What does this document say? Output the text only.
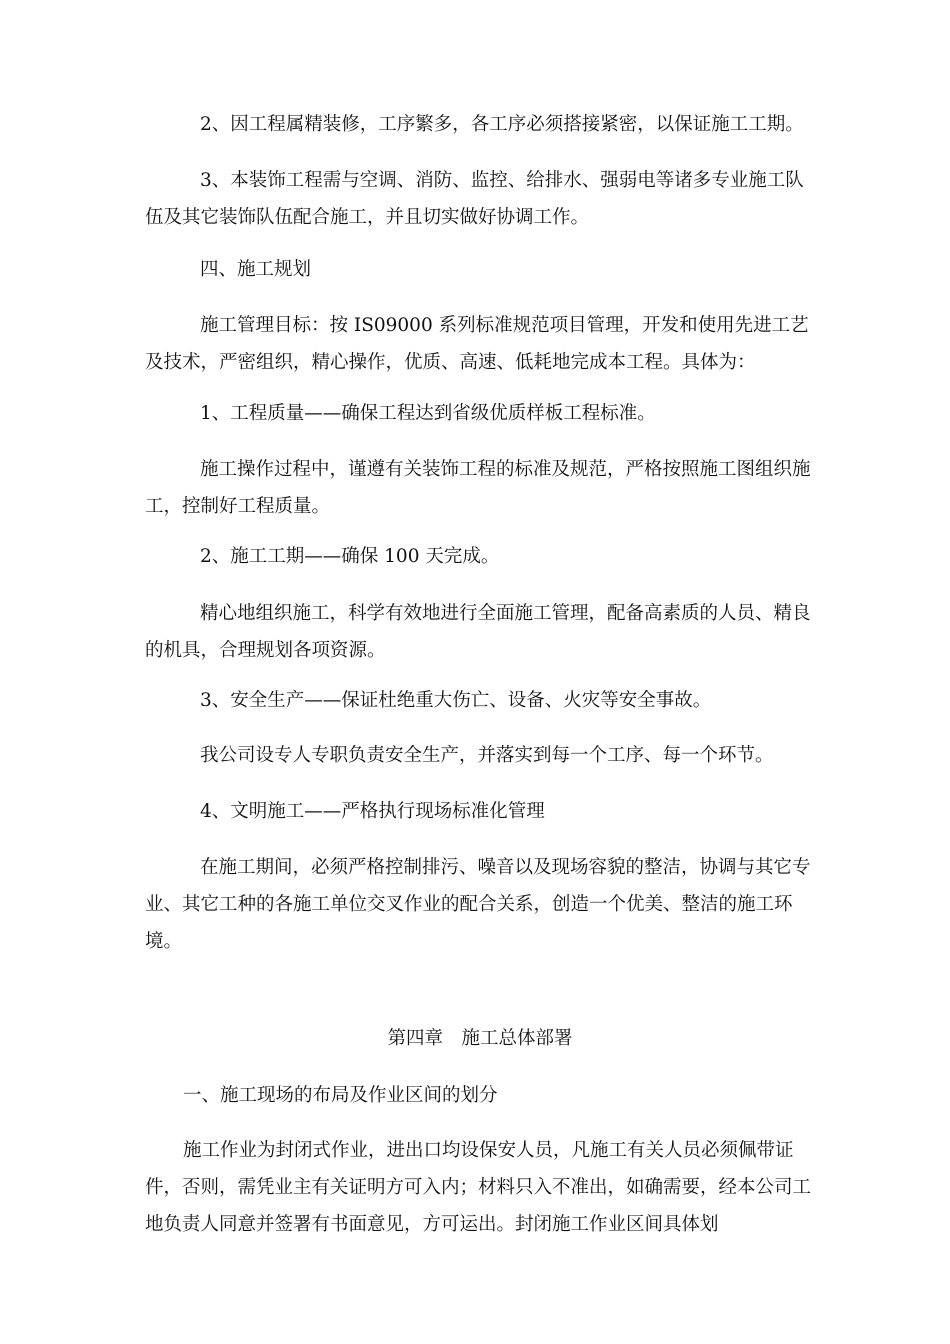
2、因工程属精装修，工序繁多，各工序必须搭接紧密，以保证施工工期。

3、本装饰工程需与空调、消防、监控、给排水、强弱电等诸多专业施工队伍及其它装饰队伍配合施工，并且切实做好协调工作。

四、施工规划

施工管理目标：按 IS09000 系列标准规范项目管理，开发和使用先进工艺及技术，严密组织，精心操作，优质、高速、低耗地完成本工程。具体为：

1、工程质量——确保工程达到省级优质样板工程标准。

施工操作过程中，谨遵有关装饰工程的标准及规范，严格按照施工图组织施工，控制好工程质量。

2、施工工期——确保 100 天完成。

精心地组织施工，科学有效地进行全面施工管理，配备高素质的人员、精良的机具，合理规划各项资源。

3、安全生产——保证杜绝重大伤亡、设备、火灾等安全事故。

我公司设专人专职负责安全生产，并落实到每一个工序、每一个环节。

4、文明施工——严格执行现场标准化管理

在施工期间，必须严格控制排污、噪音以及现场容貌的整洁，协调与其它专业、其它工种的各施工单位交叉作业的配合关系，创造一个优美、整洁的施工环境。

第四章　施工总体部署

一、施工现场的布局及作业区间的划分

施工作业为封闭式作业，进出口均设保安人员，凡施工有关人员必须佩带证件，否则，需凭业主有关证明方可入内；材料只入不准出，如确需要，经本公司工地负责人同意并签署有书面意见，方可运出。封闭施工作业区间具体划
